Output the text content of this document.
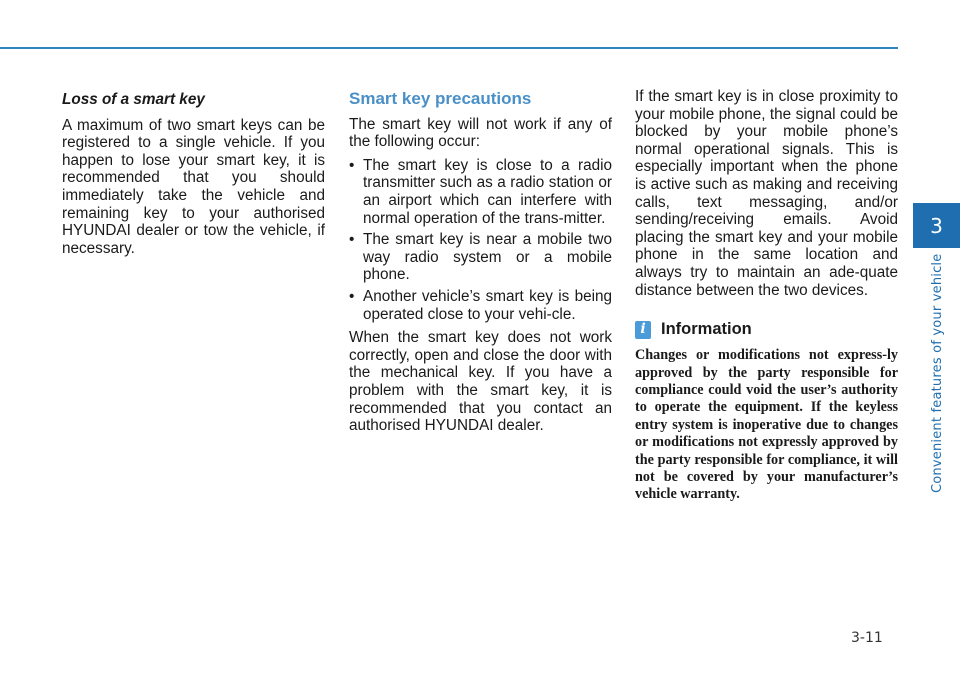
3
Convenient features of your vehicle
Loss of a smart key

A maximum of two smart keys can be registered to a single vehicle. If you happen to lose your smart key, it is recommended that you should immediately take the vehicle and remaining key to your authorised HYUNDAI dealer or tow the vehicle, if necessary.

Smart key precautions

The smart key will not work if any of the following occur:

• The smart key is close to a radio transmitter such as a radio station or an airport which can interfere with normal operation of the trans-mitter.
• The smart key is near a mobile two way radio system or a mobile phone.
• Another vehicle’s smart key is being operated close to your vehi-cle.

When the smart key does not work correctly, open and close the door with the mechanical key. If you have a problem with the smart key, it is recommended that you contact an authorised HYUNDAI dealer.

If the smart key is in close proximity to your mobile phone, the signal could be blocked by your mobile phone’s normal operational signals. This is especially important when the phone is active such as making and receiving calls, text messaging, and/or sending/receiving emails. Avoid placing the smart key and your mobile phone in the same location and always try to maintain an ade-quate distance between the two devices.

i Information

Changes or modifications not express-ly approved by the party responsible for compliance could void the user’s authority to operate the equipment. If the keyless entry system is inoperative due to changes or modifications not expressly approved by the party responsible for compliance, it will not be covered by your manufacturer’s vehicle warranty.

3-11
